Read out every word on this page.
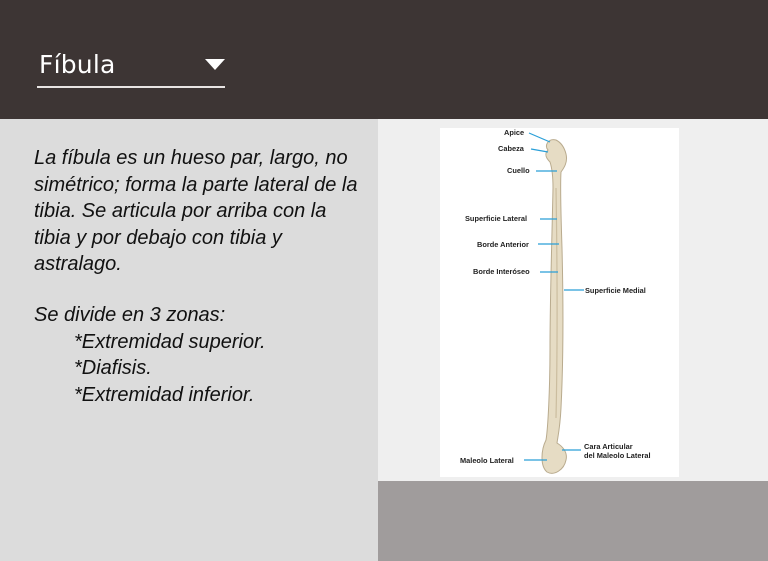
Fíbula
La fíbula es un hueso par, largo, no simétrico; forma la parte lateral de la tibia. Se articula por arriba con la tibia y por debajo con tibia y astralago.
Se divide en 3 zonas:
*Extremidad superior.
*Diafisis.
*Extremidad inferior.
Apice
Cabeza
Cuello
Superficie Lateral
Borde Anterior
Borde Interóseo
Superficie Medial
Cara Articular
del Maleolo Lateral
Maleolo Lateral
